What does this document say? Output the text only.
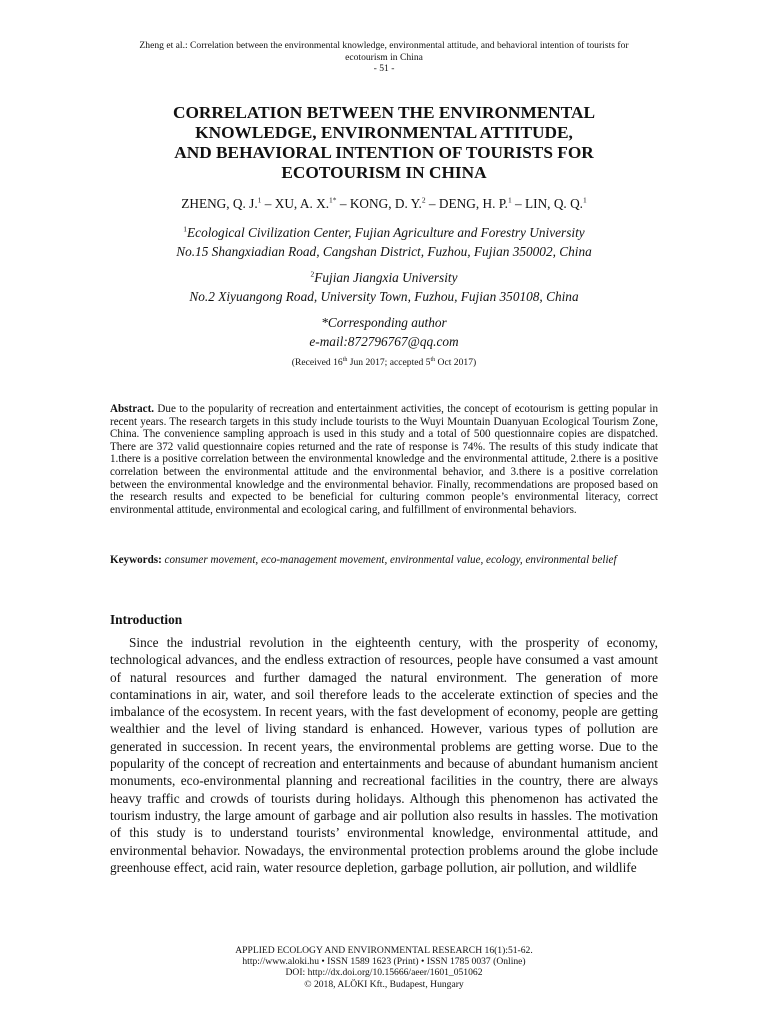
Zheng et al.: Correlation between the environmental knowledge, environmental attitude, and behavioral intention of tourists for
ecotourism in China
- 51 -
CORRELATION BETWEEN THE ENVIRONMENTAL
KNOWLEDGE, ENVIRONMENTAL ATTITUDE,
AND BEHAVIORAL INTENTION OF TOURISTS FOR
ECOTOURISM IN CHINA
ZHENG, Q. J.$^1$ – XU, A. X.$^{1*}$ – KONG, D. Y.$^2$ – DENG, H. P.$^1$ – LIN, Q. Q.$^1$
$^1$Ecological Civilization Center, Fujian Agriculture and Forestry University
No.15 Shangxiadian Road, Cangshan District, Fuzhou, Fujian 350002, China
$^2$Fujian Jiangxia University
No.2 Xiyuangong Road, University Town, Fuzhou, Fujian 350108, China
*Corresponding author
e-mail:872796767@qq.com
(Received 16th Jun 2017; accepted 5th Oct 2017)
Abstract. Due to the popularity of recreation and entertainment activities, the concept of ecotourism is getting popular in recent years. The research targets in this study include tourists to the Wuyi Mountain Duanyuan Ecological Tourism Zone, China. The convenience sampling approach is used in this study and a total of 500 questionnaire copies are dispatched. There are 372 valid questionnaire copies returned and the rate of response is 74%. The results of this study indicate that 1.there is a positive correlation between the environmental knowledge and the environmental attitude, 2.there is a positive correlation between the environmental attitude and the environmental behavior, and 3.there is a positive correlation between the environmental knowledge and the environmental behavior. Finally, recommendations are proposed based on the research results and expected to be beneficial for culturing common people’s environmental literacy, correct environmental attitude, environmental and ecological caring, and fulfillment of environmental behaviors.
Keywords: consumer movement, eco-management movement, environmental value, ecology, environmental belief
Introduction
Since the industrial revolution in the eighteenth century, with the prosperity of economy, technological advances, and the endless extraction of resources, people have consumed a vast amount of natural resources and further damaged the natural environment. The generation of more contaminations in air, water, and soil therefore leads to the accelerate extinction of species and the imbalance of the ecosystem. In recent years, with the fast development of economy, people are getting wealthier and the level of living standard is enhanced. However, various types of pollution are generated in succession. In recent years, the environmental problems are getting worse. Due to the popularity of the concept of recreation and entertainments and because of abundant humanism ancient monuments, eco-environmental planning and recreational facilities in the country, there are always heavy traffic and crowds of tourists during holidays. Although this phenomenon has activated the tourism industry, the large amount of garbage and air pollution also results in hassles. The motivation of this study is to understand tourists’ environmental knowledge, environmental attitude, and environmental behavior. Nowadays, the environmental protection problems around the globe include greenhouse effect, acid rain, water resource depletion, garbage pollution, air pollution, and wildlife
APPLIED ECOLOGY AND ENVIRONMENTAL RESEARCH 16(1):51-62.
http://www.aloki.hu • ISSN 1589 1623 (Print) • ISSN 1785 0037 (Online)
DOI: http://dx.doi.org/10.15666/aeer/1601_051062
© 2018, ALÖKI Kft., Budapest, Hungary
